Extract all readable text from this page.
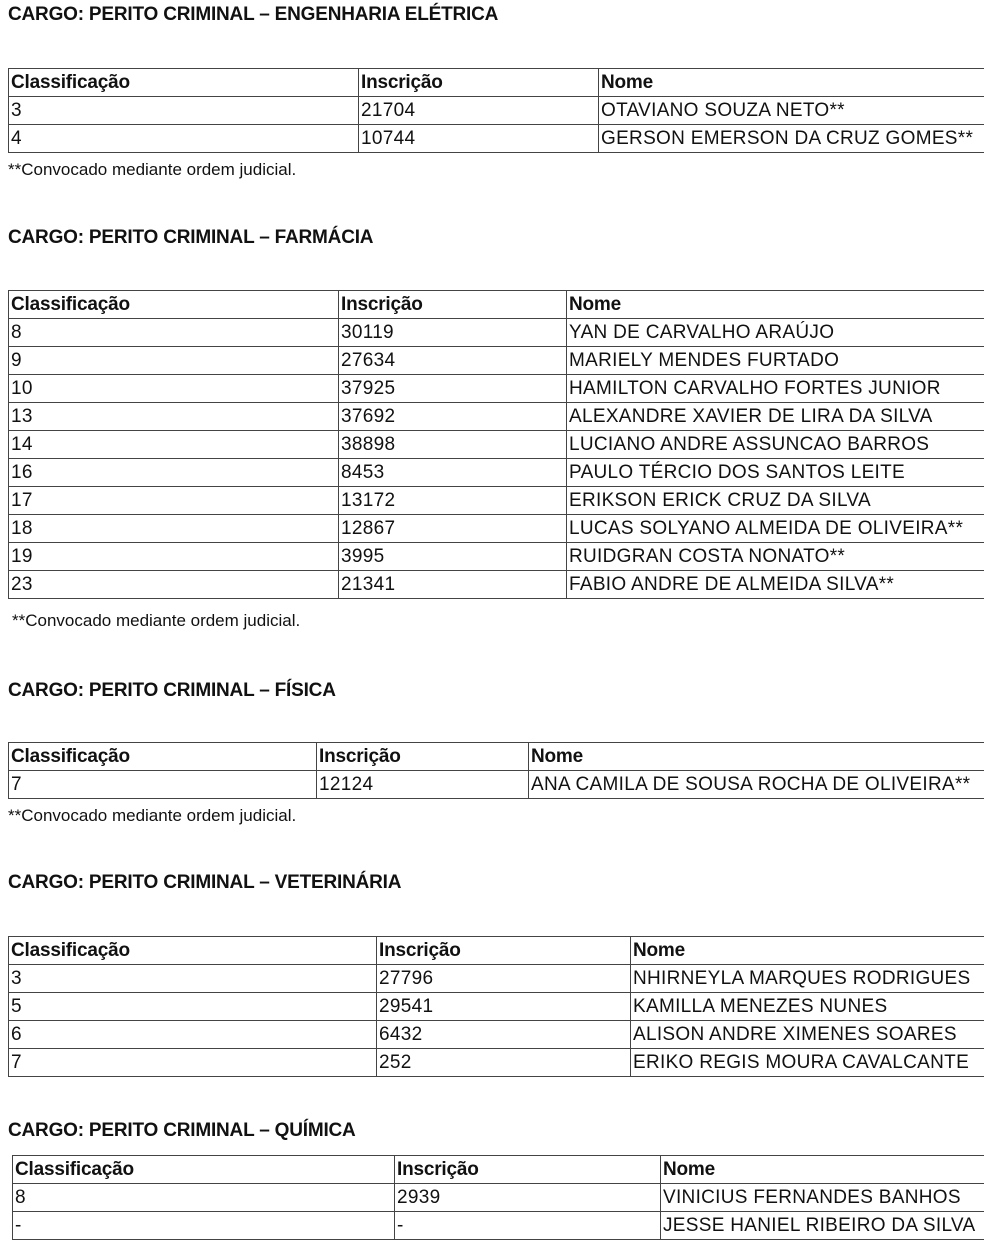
CARGO: PERITO CRIMINAL – ENGENHARIA ELÉTRICA
Classificação	Inscrição	Nome
3	21704	OTAVIANO SOUZA NETO**
4	10744	GERSON EMERSON DA CRUZ GOMES**
**Convocado mediante ordem judicial.
CARGO: PERITO CRIMINAL – FARMÁCIA
Classificação	Inscrição	Nome
8	30119	YAN DE CARVALHO ARAÚJO
9	27634	MARIELY MENDES FURTADO
10	37925	HAMILTON CARVALHO FORTES JUNIOR
13	37692	ALEXANDRE XAVIER DE LIRA DA SILVA
14	38898	LUCIANO ANDRE ASSUNCAO BARROS
16	8453	PAULO TÉRCIO DOS SANTOS LEITE
17	13172	ERIKSON ERICK CRUZ DA SILVA
18	12867	LUCAS SOLYANO ALMEIDA DE OLIVEIRA**
19	3995	RUIDGRAN COSTA NONATO**
23	21341	FABIO ANDRE DE ALMEIDA SILVA**
**Convocado mediante ordem judicial.
CARGO: PERITO CRIMINAL – FÍSICA
Classificação	Inscrição	Nome
7	12124	ANA CAMILA DE SOUSA ROCHA DE OLIVEIRA**
**Convocado mediante ordem judicial.
CARGO: PERITO CRIMINAL – VETERINÁRIA
Classificação	Inscrição	Nome
3	27796	NHIRNEYLA MARQUES RODRIGUES
5	29541	KAMILLA MENEZES NUNES
6	6432	ALISON ANDRE XIMENES SOARES
7	252	ERIKO REGIS MOURA CAVALCANTE
CARGO: PERITO CRIMINAL – QUÍMICA
Classificação	Inscrição	Nome
8	2939	VINICIUS FERNANDES BANHOS
-	-	JESSE HANIEL RIBEIRO DA SILVA
